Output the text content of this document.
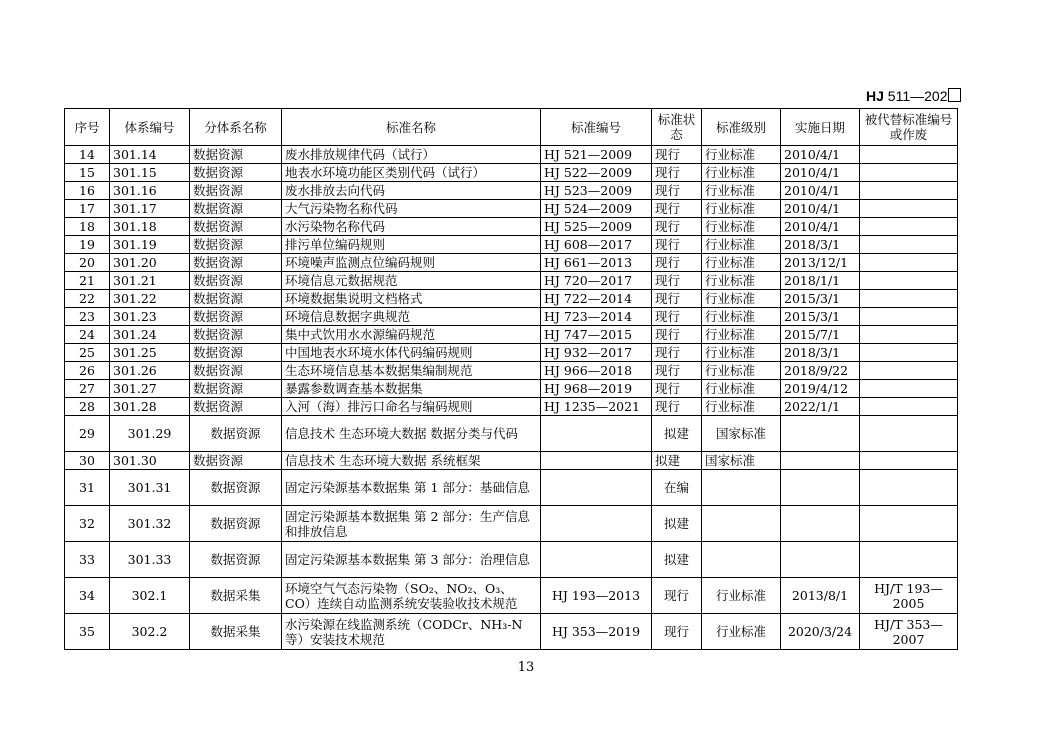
HJ 511—202
序号	体系编号	分体系名称	标准名称	标准编号	标准状态	标准级别	实施日期	被代替标准编号或作废
14	301.14	数据资源	废水排放规律代码（试行）	HJ 521—2009	现行	行业标准	2010/4/1	
15	301.15	数据资源	地表水环境功能区类别代码（试行）	HJ 522—2009	现行	行业标准	2010/4/1	
16	301.16	数据资源	废水排放去向代码	HJ 523—2009	现行	行业标准	2010/4/1	
17	301.17	数据资源	大气污染物名称代码	HJ 524—2009	现行	行业标准	2010/4/1	
18	301.18	数据资源	水污染物名称代码	HJ 525—2009	现行	行业标准	2010/4/1	
19	301.19	数据资源	排污单位编码规则	HJ 608—2017	现行	行业标准	2018/3/1	
20	301.20	数据资源	环境噪声监测点位编码规则	HJ 661—2013	现行	行业标准	2013/12/1	
21	301.21	数据资源	环境信息元数据规范	HJ 720—2017	现行	行业标准	2018/1/1	
22	301.22	数据资源	环境数据集说明文档格式	HJ 722—2014	现行	行业标准	2015/3/1	
23	301.23	数据资源	环境信息数据字典规范	HJ 723—2014	现行	行业标准	2015/3/1	
24	301.24	数据资源	集中式饮用水水源编码规范	HJ 747—2015	现行	行业标准	2015/7/1	
25	301.25	数据资源	中国地表水环境水体代码编码规则	HJ 932—2017	现行	行业标准	2018/3/1	
26	301.26	数据资源	生态环境信息基本数据集编制规范	HJ 966—2018	现行	行业标准	2018/9/22	
27	301.27	数据资源	暴露参数调查基本数据集	HJ 968—2019	现行	行业标准	2019/4/12	
28	301.28	数据资源	入河（海）排污口命名与编码规则	HJ 1235—2021	现行	行业标准	2022/1/1	
29	301.29	数据资源	信息技术 生态环境大数据 数据分类与代码		拟建	国家标准		
30	301.30	数据资源	信息技术 生态环境大数据 系统框架		拟建	国家标准		
31	301.31	数据资源	固定污染源基本数据集 第 1 部分：基础信息		在编			
32	301.32	数据资源	固定污染源基本数据集 第 2 部分：生产信息和排放信息		拟建			
33	301.33	数据资源	固定污染源基本数据集 第 3 部分：治理信息		拟建			
34	302.1	数据采集	环境空气气态污染物（SO₂、NO₂、O₃、CO）连续自动监测系统安装验收技术规范	HJ 193—2013	现行	行业标准	2013/8/1	HJ/T 193—2005
35	302.2	数据采集	水污染源在线监测系统（CODCr、NH₃-N 等）安装技术规范	HJ 353—2019	现行	行业标准	2020/3/24	HJ/T 353—2007
13
